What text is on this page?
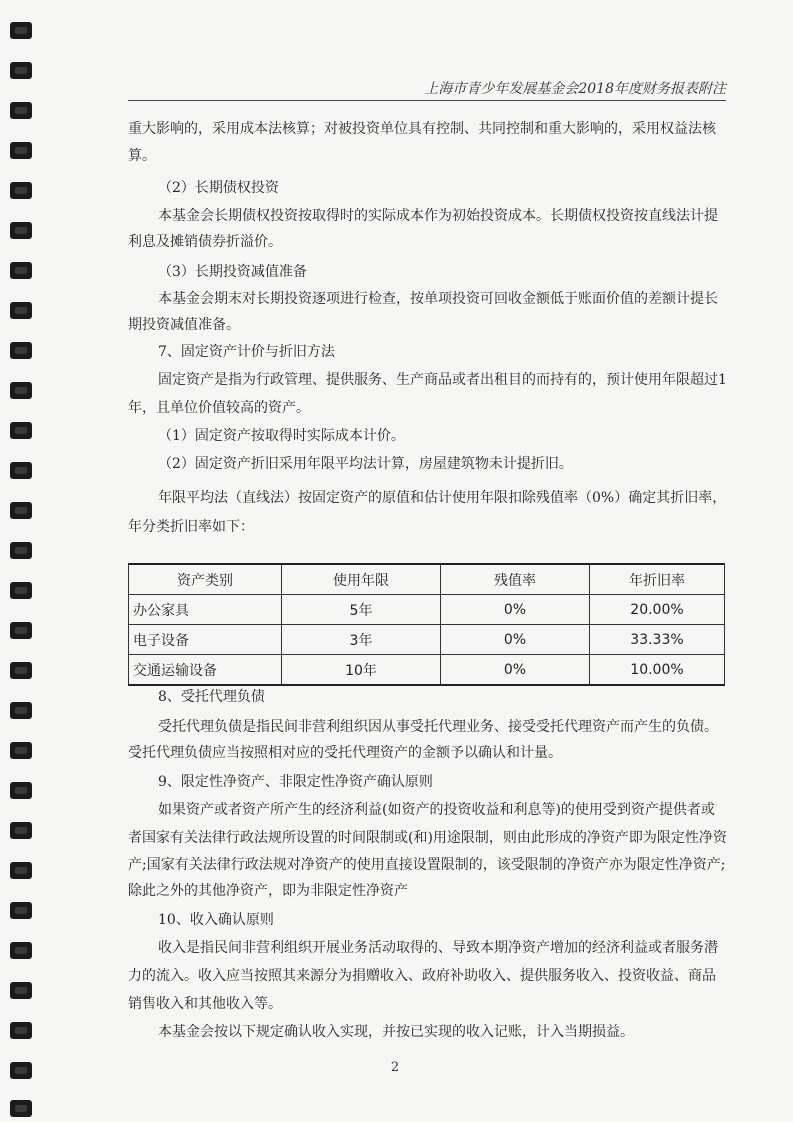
上海市青少年发展基金会2018年度财务报表附注

重大影响的，采用成本法核算；对被投资单位具有控制、共同控制和重大影响的，采用权益法核

算。

（2）长期债权投资

本基金会长期债权投资按取得时的实际成本作为初始投资成本。长期债权投资按直线法计提

利息及摊销债券折溢价。

（3）长期投资减值准备

本基金会期末对长期投资逐项进行检查，按单项投资可回收金额低于账面价值的差额计提长

期投资减值准备。

7、固定资产计价与折旧方法

固定资产是指为行政管理、提供服务、生产商品或者出租目的而持有的，预计使用年限超过1

年，且单位价值较高的资产。

（1）固定资产按取得时实际成本计价。

（2）固定资产折旧采用年限平均法计算，房屋建筑物未计提折旧。

年限平均法（直线法）按固定资产的原值和估计使用年限扣除残值率（0%）确定其折旧率，

年分类折旧率如下：

资产类别	使用年限	残值率	年折旧率
办公家具	5年	0%	20.00%
电子设备	3年	0%	33.33%
交通运输设备	10年	0%	10.00%

8、受托代理负债

受托代理负债是指民间非营利组织因从事受托代理业务、接受受托代理资产而产生的负债。

受托代理负债应当按照相对应的受托代理资产的金额予以确认和计量。

9、限定性净资产、非限定性净资产确认原则

如果资产或者资产所产生的经济利益(如资产的投资收益和利息等)的使用受到资产提供者或

者国家有关法律行政法规所设置的时间限制或(和)用途限制，则由此形成的净资产即为限定性净资

产;国家有关法律行政法规对净资产的使用直接设置限制的，该受限制的净资产亦为限定性净资产;

除此之外的其他净资产，即为非限定性净资产

10、收入确认原则

收入是指民间非营利组织开展业务活动取得的、导致本期净资产增加的经济利益或者服务潜

力的流入。收入应当按照其来源分为捐赠收入、政府补助收入、提供服务收入、投资收益、商品

销售收入和其他收入等。

本基金会按以下规定确认收入实现，并按已实现的收入记账，计入当期损益。

2
